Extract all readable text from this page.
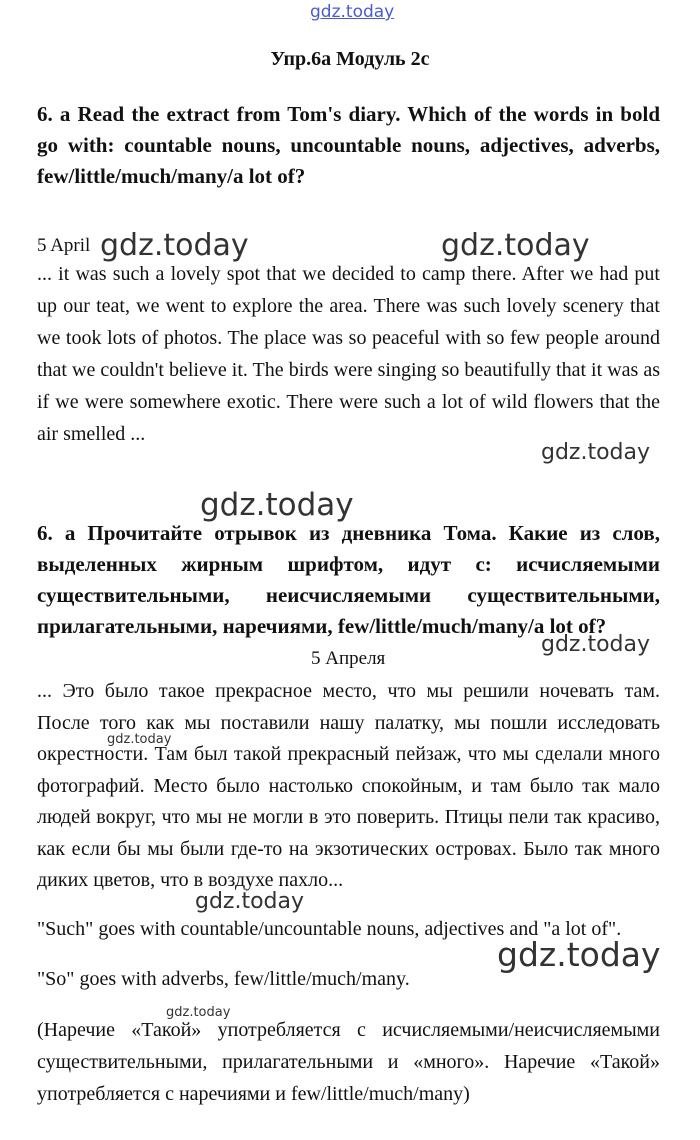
gdz.today

Упр.6а Модуль 2с

6. a Read the extract from Tom's diary. Which of the words in bold go with: countable nouns, uncountable nouns, adjectives, adverbs, few/little/much/many/a lot of?

5 April gdz.today	gdz.today

... it was such a lovely spot that we decided to camp there. After we had put up our teat, we went to explore the area. There was such lovely scenery that we took lots of photos. The place was so peaceful with so few people around that we couldn't believe it. The birds were singing so beautifully that it was as if we were somewhere exotic. There were such a lot of wild flowers that the air smelled ...

gdz.today
gdz.today

6. а Прочитайте отрывок из дневника Тома. Какие из слов, выделенных жирным шрифтом, идут с: исчисляемыми существительными, неисчисляемыми существительными, прилагательными, наречиями, few/little/much/many/a lot of?

gdz.today
5 Апреля

... Это было такое прекрасное место, что мы решили ночевать там. После того как мы поставили нашу палатку, мы пошли исследовать окрестности. Там был такой прекрасный пейзаж, что мы сделали много фотографий. Место было настолько спокойным, и там было так мало людей вокруг, что мы не могли в это поверить. Птицы пели так красиво, как если бы мы были где-то на экзотических островах. Было так много диких цветов, что в воздухе пахло...

gdz.today
gdz.today
"Such" goes with countable/uncountable nouns, adjectives and "a lot of".
gdz.today
"So" goes with adverbs, few/little/much/many.
gdz.today

(Наречие «Такой» употребляется с исчисляемыми/неисчисляемыми существительными, прилагательными и «много». Наречие «Такой» употребляется с наречиями и few/little/much/many)
